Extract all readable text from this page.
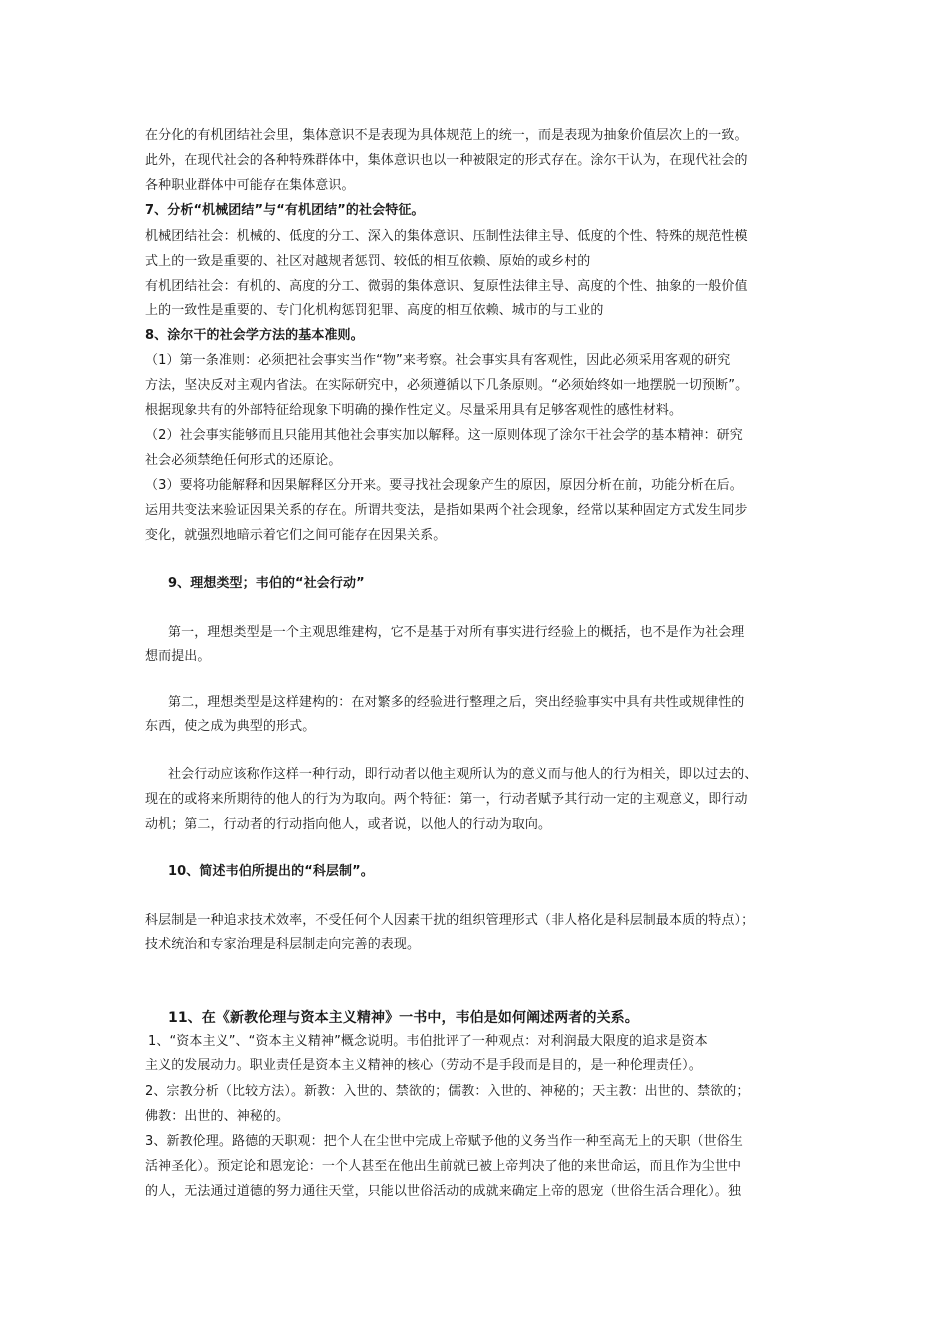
在分化的有机团结社会里，集体意识不是表现为具体规范上的统一，而是表现为抽象价值层次上的一致。
此外，在现代社会的各种特殊群体中，集体意识也以一种被限定的形式存在。涂尔干认为，在现代社会的
各种职业群体中可能存在集体意识。
7、分析“机械团结”与“有机团结”的社会特征。
机械团结社会：机械的、低度的分工、深入的集体意识、压制性法律主导、低度的个性、特殊的规范性模
式上的一致是重要的、社区对越规者惩罚、较低的相互依赖、原始的或乡村的
有机团结社会：有机的、高度的分工、微弱的集体意识、复原性法律主导、高度的个性、抽象的一般价值
上的一致性是重要的、专门化机构惩罚犯罪、高度的相互依赖、城市的与工业的
8、涂尔干的社会学方法的基本准则。
（1）第一条准则：必须把社会事实当作“物”来考察。社会事实具有客观性，因此必须采用客观的研究
方法，坚决反对主观内省法。在实际研究中，必须遵循以下几条原则。“必须始终如一地摆脱一切预断”。
根据现象共有的外部特征给现象下明确的操作性定义。尽量采用具有足够客观性的感性材料。
（2）社会事实能够而且只能用其他社会事实加以解释。这一原则体现了涂尔干社会学的基本精神：研究
社会必须禁绝任何形式的还原论。
（3）要将功能解释和因果解释区分开来。要寻找社会现象产生的原因，原因分析在前，功能分析在后。
运用共变法来验证因果关系的存在。所谓共变法，是指如果两个社会现象，经常以某种固定方式发生同步
变化，就强烈地暗示着它们之间可能存在因果关系。
9、理想类型；韦伯的“社会行动”
第一，理想类型是一个主观思维建构，它不是基于对所有事实进行经验上的概括，也不是作为社会理
想而提出。
第二，理想类型是这样建构的：在对繁多的经验进行整理之后，突出经验事实中具有共性或规律性的
东西，使之成为典型的形式。
社会行动应该称作这样一种行动，即行动者以他主观所认为的意义而与他人的行为相关，即以过去的、
现在的或将来所期待的他人的行为为取向。两个特征：第一，行动者赋予其行动一定的主观意义，即行动
动机；第二，行动者的行动指向他人，或者说，以他人的行动为取向。
10、简述韦伯所提出的“科层制”。
科层制是一种追求技术效率，不受任何个人因素干扰的组织管理形式（非人格化是科层制最本质的特点）；
技术统治和专家治理是科层制走向完善的表现。
11、在《新教伦理与资本主义精神》一书中，韦伯是如何阐述两者的关系。
1、“资本主义”、“资本主义精神”概念说明。韦伯批评了一种观点：对利润最大限度的追求是资本
主义的发展动力。职业责任是资本主义精神的核心（劳动不是手段而是目的，是一种伦理责任）。
2、宗教分析（比较方法）。新教：入世的、禁欲的；儒教：入世的、神秘的；天主教：出世的、禁欲的；
佛教：出世的、神秘的。
3、新教伦理。路德的天职观：把个人在尘世中完成上帝赋予他的义务当作一种至高无上的天职（世俗生
活神圣化）。预定论和恩宠论：一个人甚至在他出生前就已被上帝判决了他的来世命运，而且作为尘世中
的人，无法通过道德的努力通往天堂，只能以世俗活动的成就来确定上帝的恩宠（世俗生活合理化）。独
